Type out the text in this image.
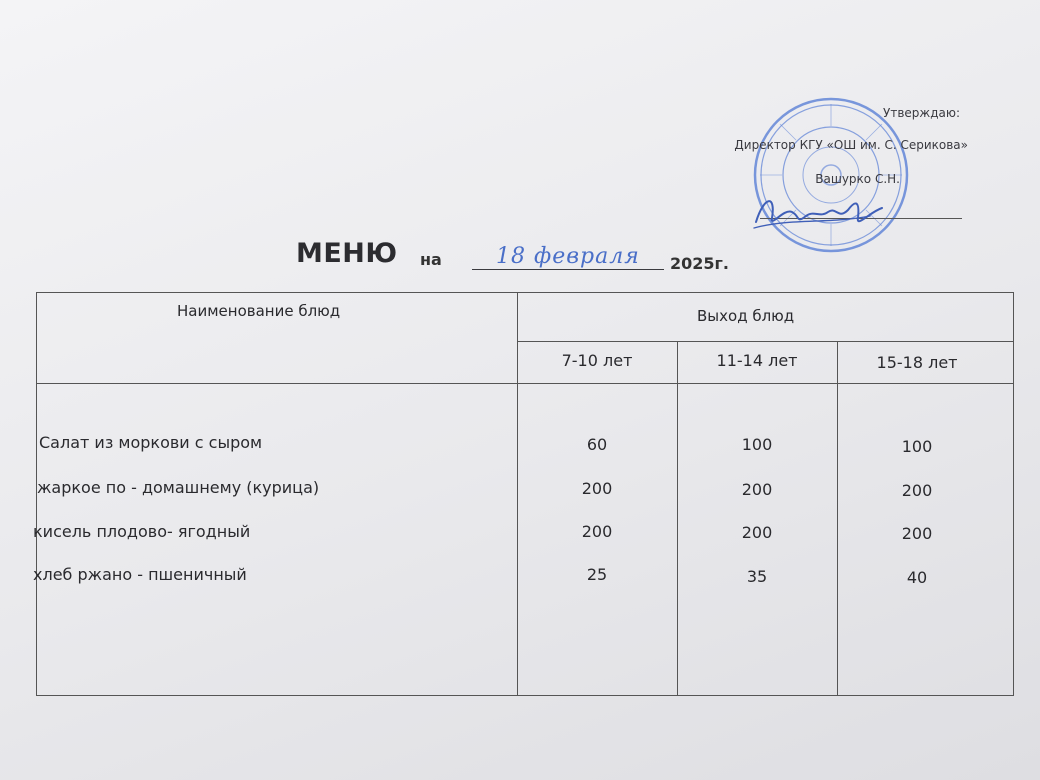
Утверждаю:
Директор КГУ «ОШ им. С. Серикова»
Вашурко С.Н.
МЕНЮ на 18 февраля 2025г.
Наименование блюд	Выход блюд
7-10 лет	11-14 лет	15-18 лет
Салат из моркови с сыром	60	100	100
жаркое по - домашнему (курица)	200	200	200
кисель плодово- ягодный	200	200	200
хлеб ржано - пшеничный	25	35	40
